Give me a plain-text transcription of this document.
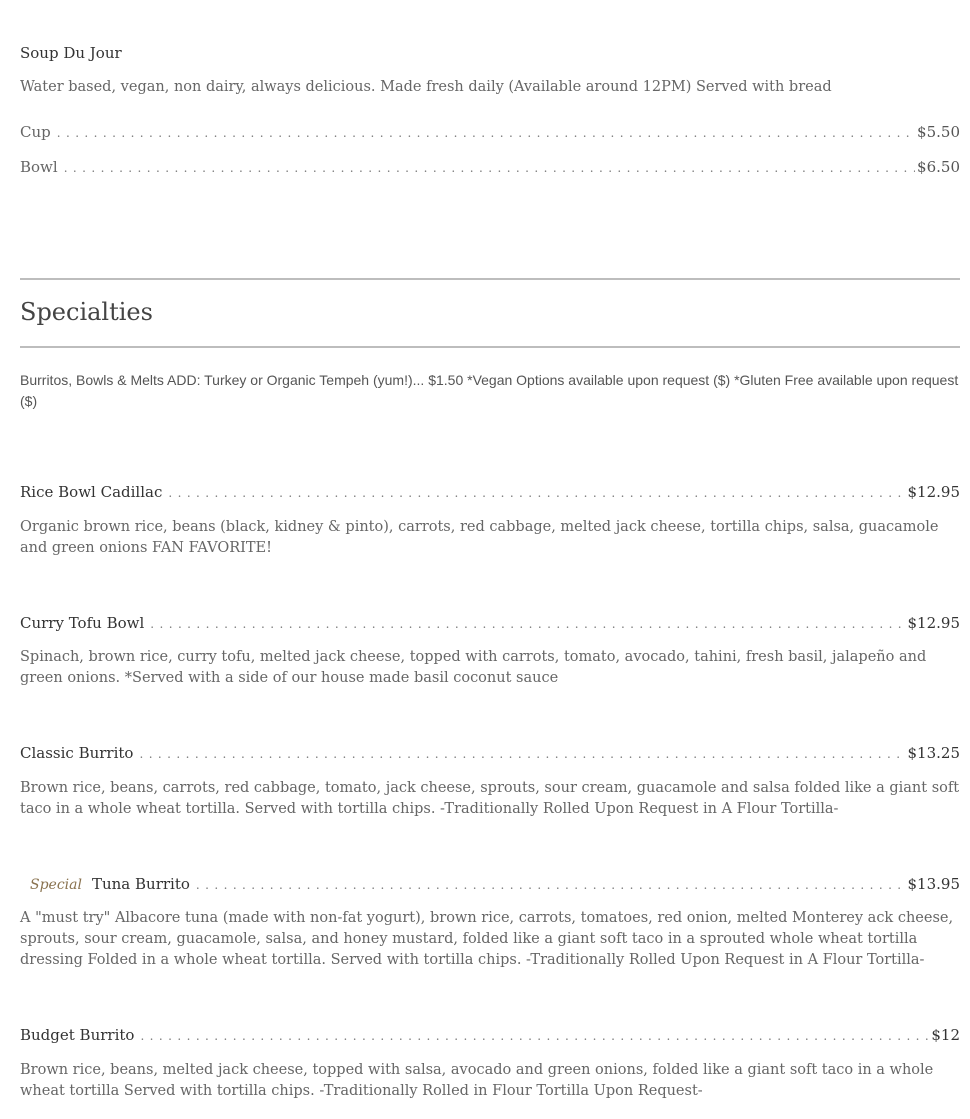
Soup Du Jour
Water based, vegan, non dairy, always delicious. Made fresh daily (Available around 12PM) Served with bread
Cup . . .	$5.50
Bowl . . .	$6.50
Specialties
Burritos, Bowls & Melts ADD: Turkey or Organic Tempeh (yum!)... $1.50 *Vegan Options available upon request ($) *Gluten Free available upon request ($)
Rice Bowl Cadillac . . .	$12.95
Organic brown rice, beans (black, kidney & pinto), carrots, red cabbage, melted jack cheese, tortilla chips, salsa, guacamole and green onions FAN FAVORITE!
Curry Tofu Bowl . . .	$12.95
Spinach, brown rice, curry tofu, melted jack cheese, topped with carrots, tomato, avocado, tahini, fresh basil, jalapeño and green onions. *Served with a side of our house made basil coconut sauce
Classic Burrito . . .	$13.25
Brown rice, beans, carrots, red cabbage, tomato, jack cheese, sprouts, sour cream, guacamole and salsa folded like a giant soft taco in a whole wheat tortilla. Served with tortilla chips. -Traditionally Rolled Upon Request in A Flour Tortilla-
Special Tuna Burrito . . .	$13.95
A "must try" Albacore tuna (made with non-fat yogurt), brown rice, carrots, tomatoes, red onion, melted Monterey ack cheese, sprouts, sour cream, guacamole, salsa, and honey mustard, folded like a giant soft taco in a sprouted whole wheat tortilla dressing Folded in a whole wheat tortilla. Served with tortilla chips. -Traditionally Rolled Upon Request in A Flour Tortilla-
Budget Burrito . . .	$12
Brown rice, beans, melted jack cheese, topped with salsa, avocado and green onions, folded like a giant soft taco in a whole wheat tortilla Served with tortilla chips. -Traditionally Rolled in Flour Tortilla Upon Request-
